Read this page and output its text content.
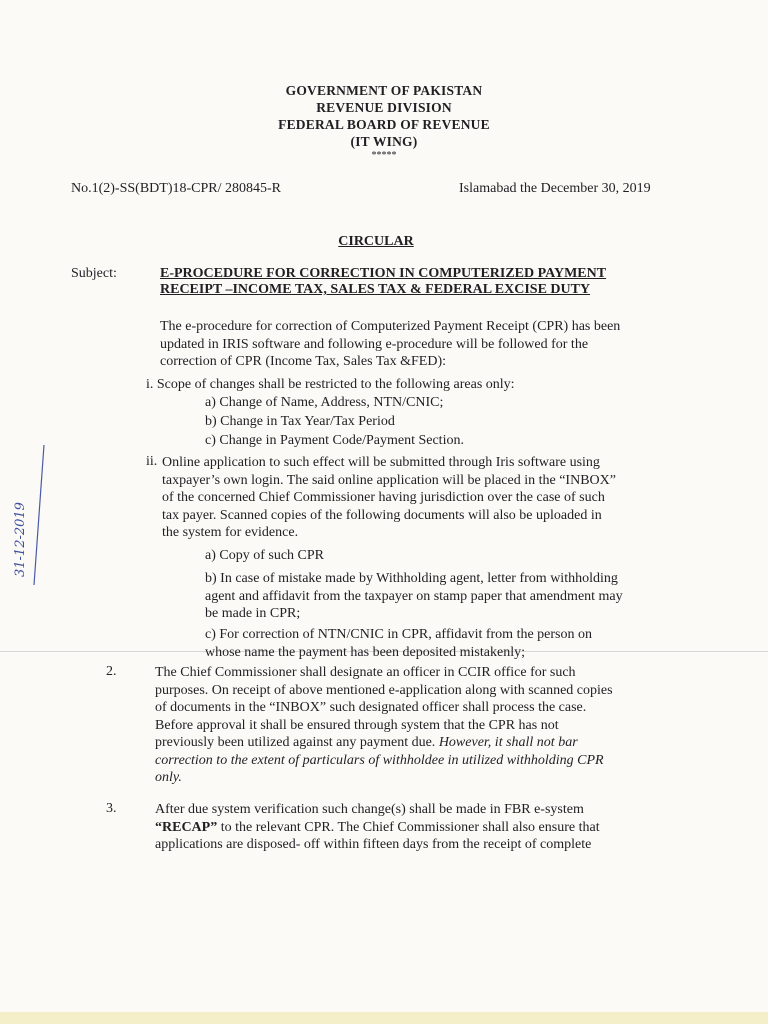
GOVERNMENT OF PAKISTAN
REVENUE DIVISION
FEDERAL BOARD OF REVENUE
(IT WING)
*****
No.1(2)-SS(BDT)18-CPR/ 280845-R	Islamabad the December 30, 2019
CIRCULAR
Subject:	E-PROCEDURE FOR CORRECTION IN COMPUTERIZED PAYMENT
RECEIPT –INCOME TAX, SALES TAX & FEDERAL EXCISE DUTY
The e-procedure for correction of Computerized Payment Receipt (CPR) has been
updated in IRIS software and following e-procedure will be followed for the
correction of CPR (Income Tax, Sales Tax &FED):
i. Scope of changes shall be restricted to the following areas only:
a) Change of Name, Address, NTN/CNIC;
b) Change in Tax Year/Tax Period
c) Change in Payment Code/Payment Section.
ii. Online application to such effect will be submitted through Iris software using
taxpayer’s own login. The said online application will be placed in the “INBOX”
of the concerned Chief Commissioner having jurisdiction over the case of such
tax payer. Scanned copies of the following documents will also be uploaded in
the system for evidence.
a) Copy of such CPR
b) In case of mistake made by Withholding agent, letter from withholding
agent and affidavit from the taxpayer on stamp paper that amendment may
be made in CPR;
c) For correction of NTN/CNIC in CPR, affidavit from the person on
whose name the payment has been deposited mistakenly;
2.	The Chief Commissioner shall designate an officer in CCIR office for such
purposes. On receipt of above mentioned e-application along with scanned copies
of documents in the “INBOX” such designated officer shall process the case.
Before approval it shall be ensured through system that the CPR has not
previously been utilized against any payment due. However, it shall not bar
correction to the extent of particulars of withholdee in utilized withholding CPR
only.
3.	After due system verification such change(s) shall be made in FBR e-system
“RECAP” to the relevant CPR. The Chief Commissioner shall also ensure that
applications are disposed- off within fifteen days from the receipt of complete
31-12-2019
